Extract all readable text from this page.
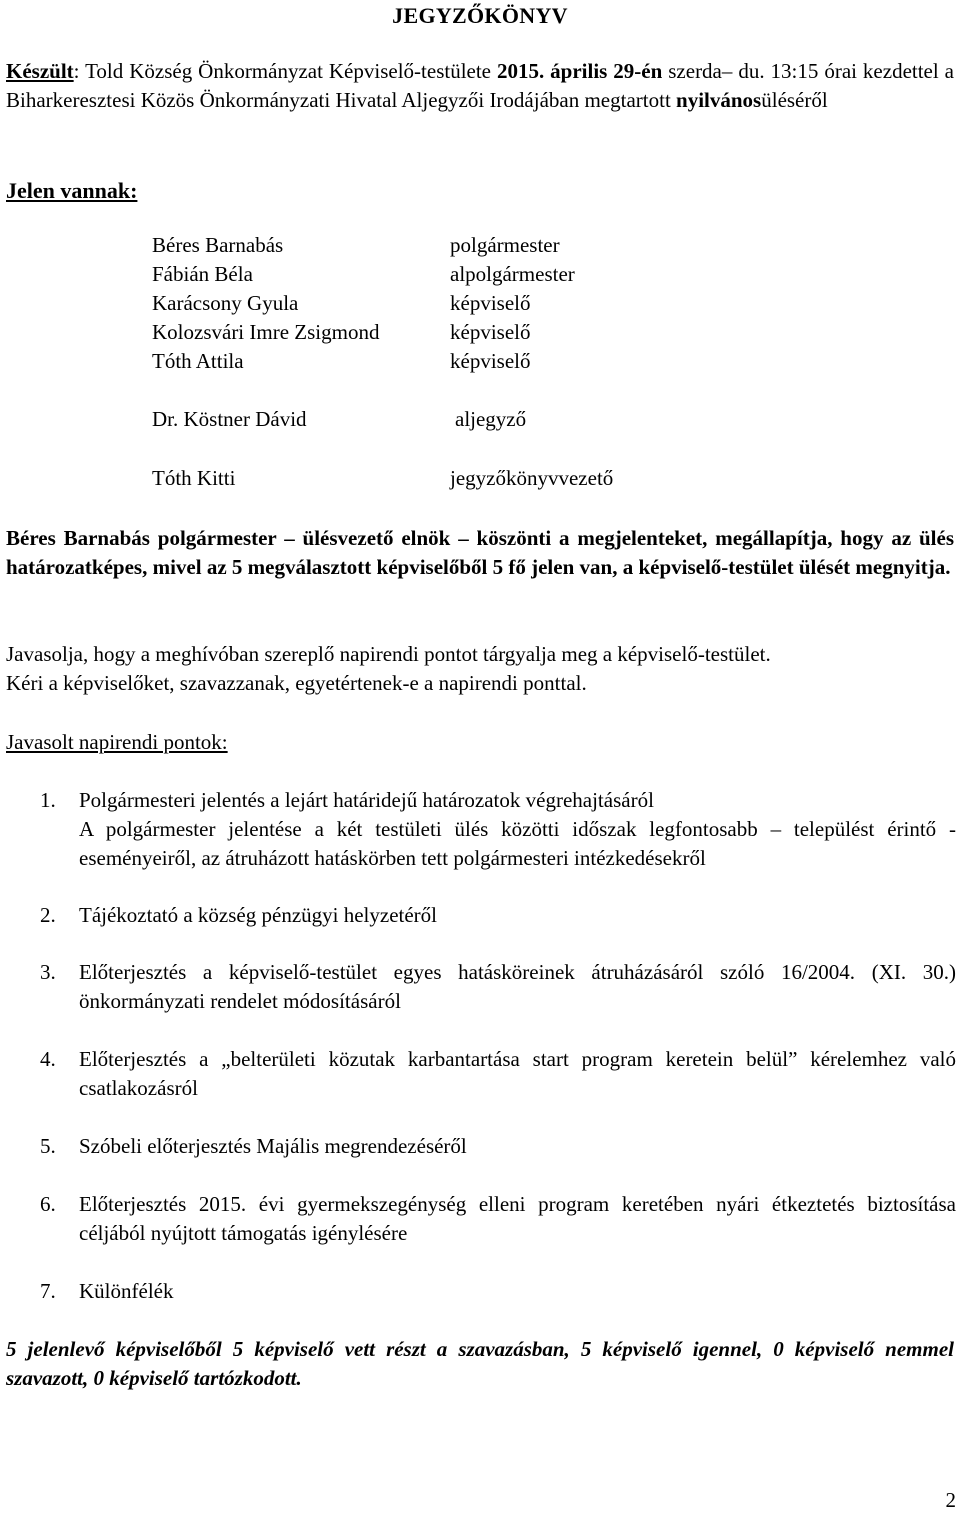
JEGYZŐKÖNYV
Készült: Told Község Önkormányzat Képviselő-testülete 2015. április 29-én szerda– du. 13:15 órai kezdettel a Biharkeresztesi Közös Önkormányzati Hivatal Aljegyzői Irodájában megtartott nyilvánosüléséről
Jelen vannak:
Béres Barnabás	polgármester
Fábián Béla	alpolgármester
Karácsony Gyula	képviselő
Kolozsvári Imre Zsigmond	képviselő
Tóth Attila	képviselő
Dr. Köstner Dávid	aljegyző
Tóth Kitti	jegyzőkönyvvezető
Béres Barnabás polgármester – ülésvezető elnök – köszönti a megjelenteket, megállapítja, hogy az ülés határozatképes, mivel az 5 megválasztott képviselőből 5 fő jelen van, a képviselő-testület ülését megnyitja.
Javasolja, hogy a meghívóban szereplő napirendi pontot tárgyalja meg a képviselő-testület.
Kéri a képviselőket, szavazzanak, egyetértenek-e a napirendi ponttal.
Javasolt napirendi pontok:
1. Polgármesteri jelentés a lejárt határidejű határozatok végrehajtásáról
A polgármester jelentése a két testületi ülés közötti időszak legfontosabb – települést érintő - eseményeiről, az átruházott hatáskörben tett polgármesteri intézkedésekről
2. Tájékoztató a község pénzügyi helyzetéről
3. Előterjesztés a képviselő-testület egyes hatásköreinek átruházásáról szóló 16/2004. (XI. 30.) önkormányzati rendelet módosításáról
4. Előterjesztés a „belterületi közutak karbantartása start program keretein belül” kérelemhez való csatlakozásról
5. Szóbeli előterjesztés Majális megrendezéséről
6. Előterjesztés 2015. évi gyermekszegénység elleni program keretében nyári étkeztetés biztosítása céljából nyújtott támogatás igénylésére
7. Különfélék
5 jelenlevő képviselőből 5 képviselő vett részt a szavazásban, 5 képviselő igennel, 0 képviselő nemmel szavazott, 0 képviselő tartózkodott.
2
